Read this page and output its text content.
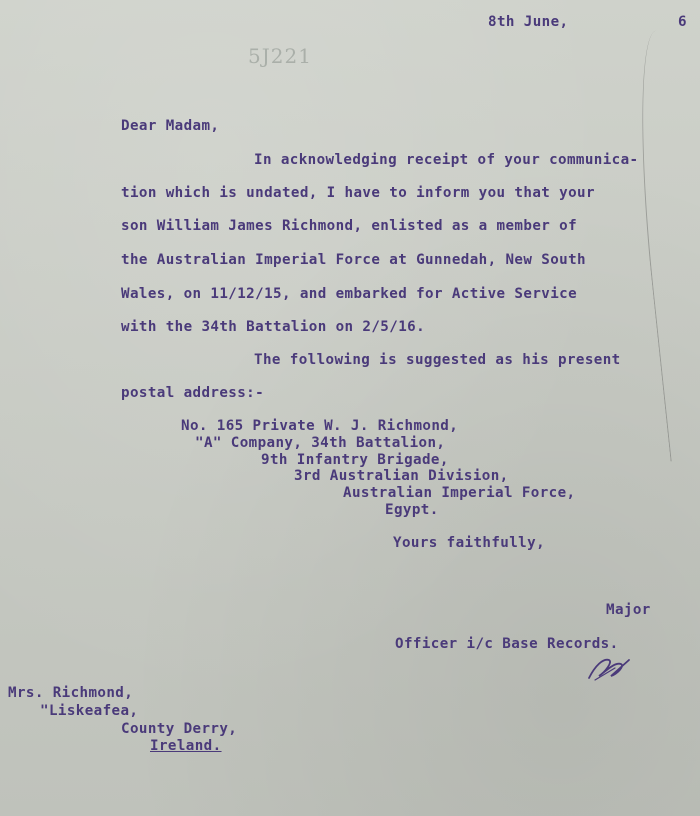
8th June,	6

5J221

Dear Madam,

In acknowledging receipt of your communica-

tion which is undated, I have to inform you that your

son William James Richmond, enlisted as a member of

the Australian Imperial Force at Gunnedah, New South

Wales, on 11/12/15, and embarked for Active Service

with the 34th Battalion on 2/5/16.

The following is suggested as his present

postal address:-

No. 165 Private W. J. Richmond,

"A" Company, 34th Battalion,

9th Infantry Brigade,

3rd Australian Division,

Australian Imperial Force,

Egypt.

Yours faithfully,

Major

Officer i/c Base Records.

Mrs. Richmond,

"Liskeafea,

County Derry,

Ireland.
